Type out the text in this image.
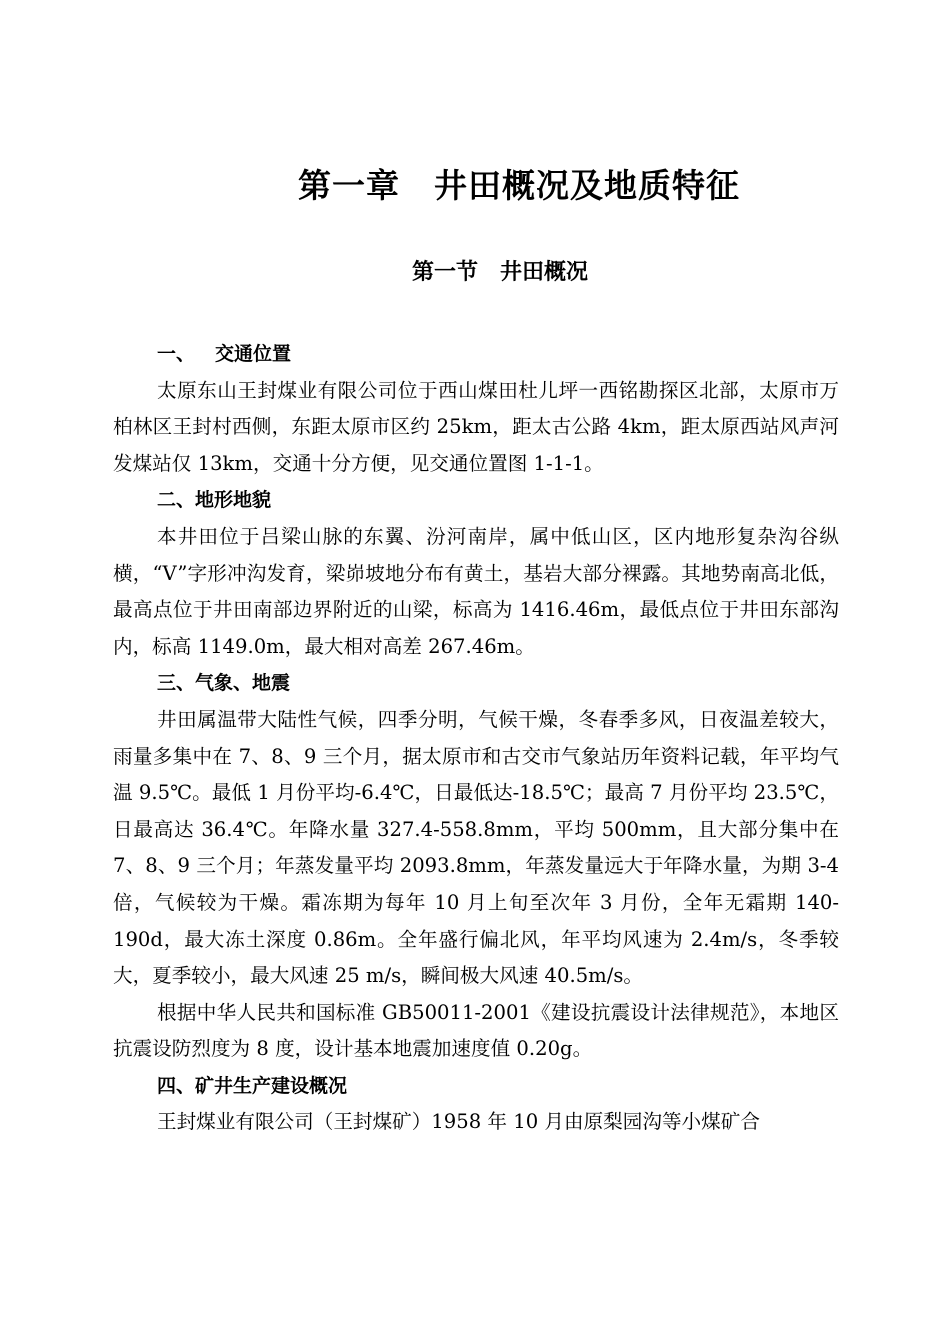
第一章　井田概况及地质特征
第一节　井田概况
一、 交通位置

太原东山王封煤业有限公司位于西山煤田杜儿坪一西铭勘探区北部，太原市万柏林区王封村西侧，东距太原市区约 25km，距太古公路 4km，距太原西站风声河发煤站仅 13km，交通十分方便，见交通位置图 1-1-1。

二、地形地貌

本井田位于吕梁山脉的东翼、汾河南岸，属中低山区，区内地形复杂沟谷纵横，“V”字形冲沟发育，梁峁坡地分布有黄土，基岩大部分裸露。其地势南高北低，最高点位于井田南部边界附近的山梁，标高为 1416.46m，最低点位于井田东部沟内，标高 1149.0m，最大相对高差 267.46m。

三、气象、地震

井田属温带大陆性气候，四季分明，气候干燥，冬春季多风，日夜温差较大，雨量多集中在 7、8、9 三个月，据太原市和古交市气象站历年资料记载，年平均气温 9.5℃。最低 1 月份平均-6.4℃，日最低达-18.5℃；最高 7 月份平均 23.5℃，日最高达 36.4℃。年降水量 327.4-558.8mm，平均 500mm，且大部分集中在 7、8、9 三个月；年蒸发量平均 2093.8mm，年蒸发量远大于年降水量，为期 3-4 倍，气候较为干燥。霜冻期为每年 10 月上旬至次年 3 月份，全年无霜期 140-190d，最大冻土深度 0.86m。全年盛行偏北风，年平均风速为 2.4m/s，冬季较大，夏季较小，最大风速 25 m/s，瞬间极大风速 40.5m/s。

根据中华人民共和国标准 GB50011-2001《建设抗震设计法律规范》，本地区抗震设防烈度为 8 度，设计基本地震加速度值 0.20g。

四、矿井生产建设概况

王封煤业有限公司（王封煤矿）1958 年 10 月由原梨园沟等小煤矿合
